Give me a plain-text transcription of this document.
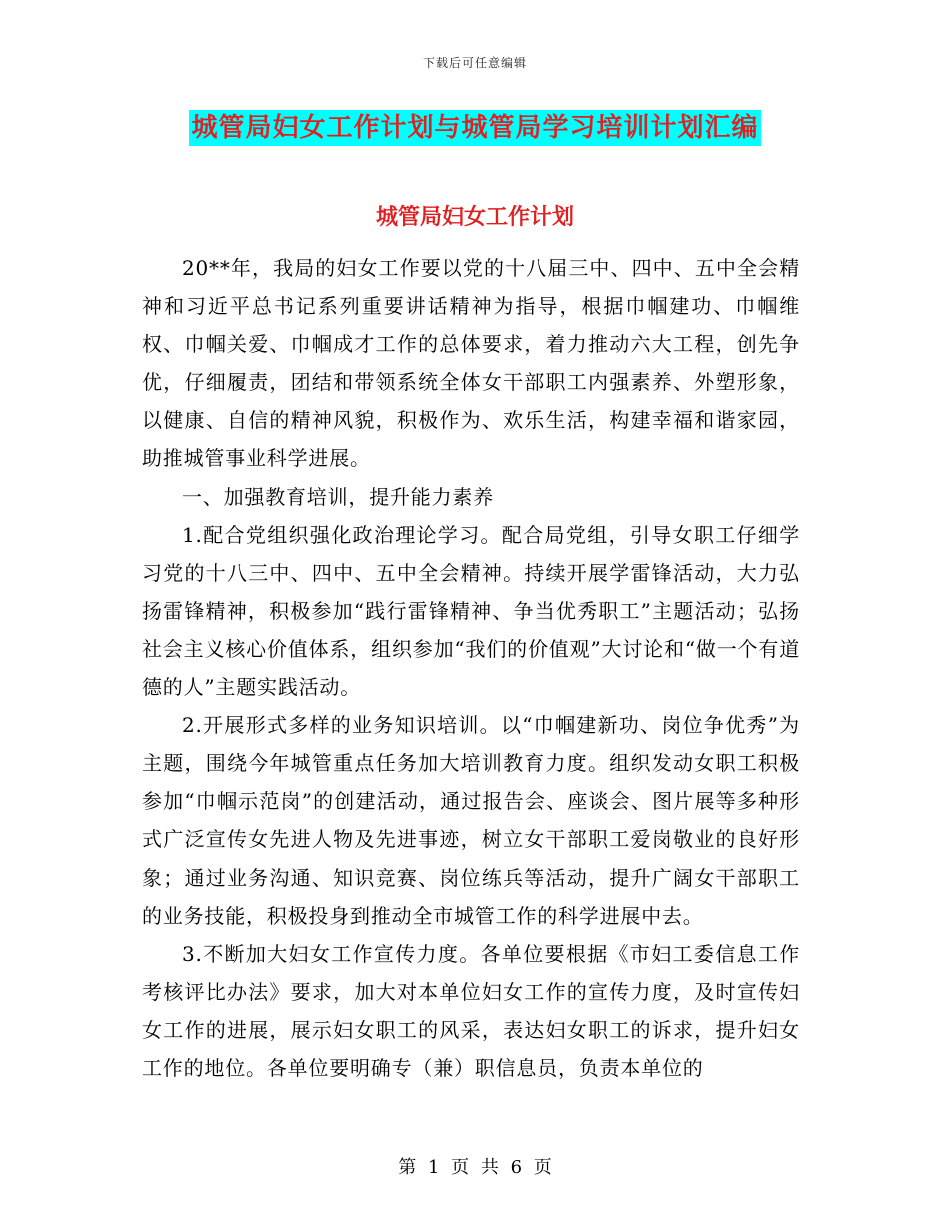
下载后可任意编辑
城管局妇女工作计划与城管局学习培训计划汇编
城管局妇女工作计划

20**年，我局的妇女工作要以党的十八届三中、四中、五中全会精神和习近平总书记系列重要讲话精神为指导，根据巾帼建功、巾帼维权、巾帼关爱、巾帼成才工作的总体要求，着力推动六大工程，创先争优，仔细履责，团结和带领系统全体女干部职工内强素养、外塑形象，以健康、自信的精神风貌，积极作为、欢乐生活，构建幸福和谐家园，助推城管事业科学进展。

一、加强教育培训，提升能力素养

1.配合党组织强化政治理论学习。配合局党组，引导女职工仔细学习党的十八三中、四中、五中全会精神。持续开展学雷锋活动，大力弘扬雷锋精神，积极参加“践行雷锋精神、争当优秀职工”主题活动；弘扬社会主义核心价值体系，组织参加“我们的价值观”大讨论和“做一个有道德的人”主题实践活动。

2.开展形式多样的业务知识培训。以“巾帼建新功、岗位争优秀”为主题，围绕今年城管重点任务加大培训教育力度。组织发动女职工积极参加“巾帼示范岗”的创建活动，通过报告会、座谈会、图片展等多种形式广泛宣传女先进人物及先进事迹，树立女干部职工爱岗敬业的良好形象；通过业务沟通、知识竞赛、岗位练兵等活动，提升广阔女干部职工的业务技能，积极投身到推动全市城管工作的科学进展中去。

3.不断加大妇女工作宣传力度。各单位要根据《市妇工委信息工作考核评比办法》要求，加大对本单位妇女工作的宣传力度，及时宣传妇女工作的进展，展示妇女职工的风采，表达妇女职工的诉求，提升妇女工作的地位。各单位要明确专（兼）职信息员，负责本单位的

第 1 页 共 6 页
